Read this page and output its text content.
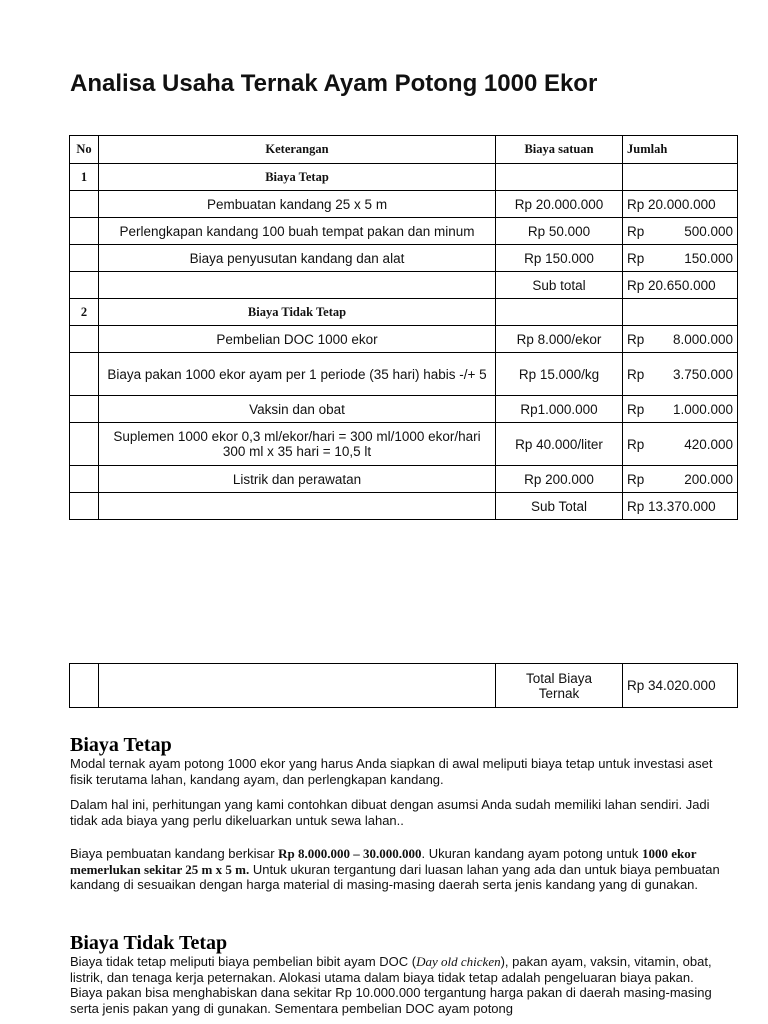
Analisa Usaha Ternak Ayam Potong 1000 Ekor
No	Keterangan	Biaya satuan	Jumlah
1	Biaya Tetap		
	Pembuatan kandang 25 x 5 m	Rp 20.000.000	Rp 20.000.000
	Perlengkapan kandang 100 buah tempat pakan dan minum	Rp 50.000	Rp 500.000

	Biaya penyusutan kandang dan alat	Rp 150.000	Rp 150.000

		Sub total	Rp 20.650.000
2	Biaya Tidak Tetap		
	Pembelian DOC 1000 ekor	Rp 8.000/ekor	Rp 8.000.000

	Biaya pakan 1000 ekor ayam per 1 periode (35 hari) habis -/+ 5	Rp 15.000/kg	Rp 3.750.000

	Vaksin dan obat	Rp1.000.000	Rp 1.000.000

	Suplemen 1000 ekor 0,3 ml/ekor/hari = 300 ml/1000 ekor/hari 300 ml x 35 hari = 10,5 lt	Rp 40.000/liter	Rp 420.000

	Listrik dan perawatan	Rp 200.000	Rp 200.000

		Sub Total	Rp 13.370.000
		Total Biaya Ternak	Rp 34.020.000
Biaya Tetap

Modal ternak ayam potong 1000 ekor yang harus Anda siapkan di awal meliputi biaya tetap untuk investasi aset fisik terutama lahan, kandang ayam, dan perlengkapan kandang.

Dalam hal ini, perhitungan yang kami contohkan dibuat dengan asumsi Anda sudah memiliki lahan sendiri. Jadi tidak ada biaya yang perlu dikeluarkan untuk sewa lahan..

Biaya pembuatan kandang berkisar Rp 8.000.000 – 30.000.000. Ukuran kandang ayam potong untuk 1000 ekor memerlukan sekitar 25 m x 5 m. Untuk ukuran tergantung dari luasan lahan yang ada dan untuk biaya pembuatan kandang di sesuaikan dengan harga material di masing-masing daerah serta jenis kandang yang di gunakan.

Biaya Tidak Tetap

Biaya tidak tetap meliputi biaya pembelian bibit ayam DOC (Day old chicken), pakan ayam, vaksin, vitamin, obat, listrik, dan tenaga kerja peternakan. Alokasi utama dalam biaya tidak tetap adalah pengeluaran biaya pakan.

Biaya pakan bisa menghabiskan dana sekitar Rp 10.000.000 tergantung harga pakan di daerah masing-masing serta jenis pakan yang di gunakan. Sementara pembelian DOC ayam potong
